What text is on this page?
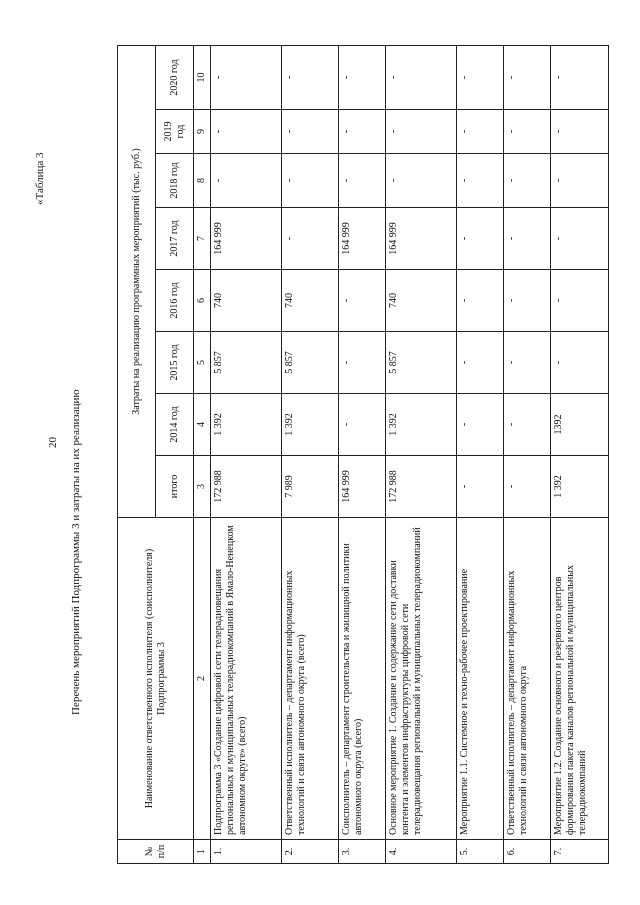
20
«Таблица 3
Перечень мероприятий Подпрограммы 3 и затраты на их реализацию
№ п/п	Наименование ответственного исполнителя (соисполнителя) Подпрограммы 3	Затраты на реализацию программных мероприятий (тыс. руб.)							
		итого	2014 год	2015 год	2016 год	2017 год	2018 год	2019 год	2020 год
1	2	3	4	5	6	7	8	9	10
1.	Подпрограмма 3 «Создание цифровой сети телерадиовещания региональных и муниципальных телерадиокомпаний в Ямало-Ненецком автономном округе» (всего)	172 988	1 392	5 857	740	164 999	-	-	-
2.	Ответственный исполнитель – департамент информационных технологий и связи автономного округа (всего)	7 989	1 392	5 857	740	-	-	-	-
3.	Соисполнитель – департамент строительства и жилищной политики автономного округа (всего)	164 999	-	-	-	164 999	-	-	-
4.	Основное мероприятие 1. Создание и содержание сети доставки контента и элементов инфраструктуры цифровой сети телерадиовещания региональной и муниципальных телерадиокомпаний	172 988	1 392	5 857	740	164 999	-	-	-
5.	Мероприятие 1.1. Системное и техно-рабочее проектирование	-	-	-	-	-	-	-	-
6.	Ответственный исполнитель – департамент информационных технологий и связи автономного округа	-	-	-	-	-	-	-	-
7.	Мероприятие 1.2. Создание основного и резервного центров формирования пакета каналов региональной и муниципальных телерадиокомпаний	1 392	1392	-	-	-	-	-	-
